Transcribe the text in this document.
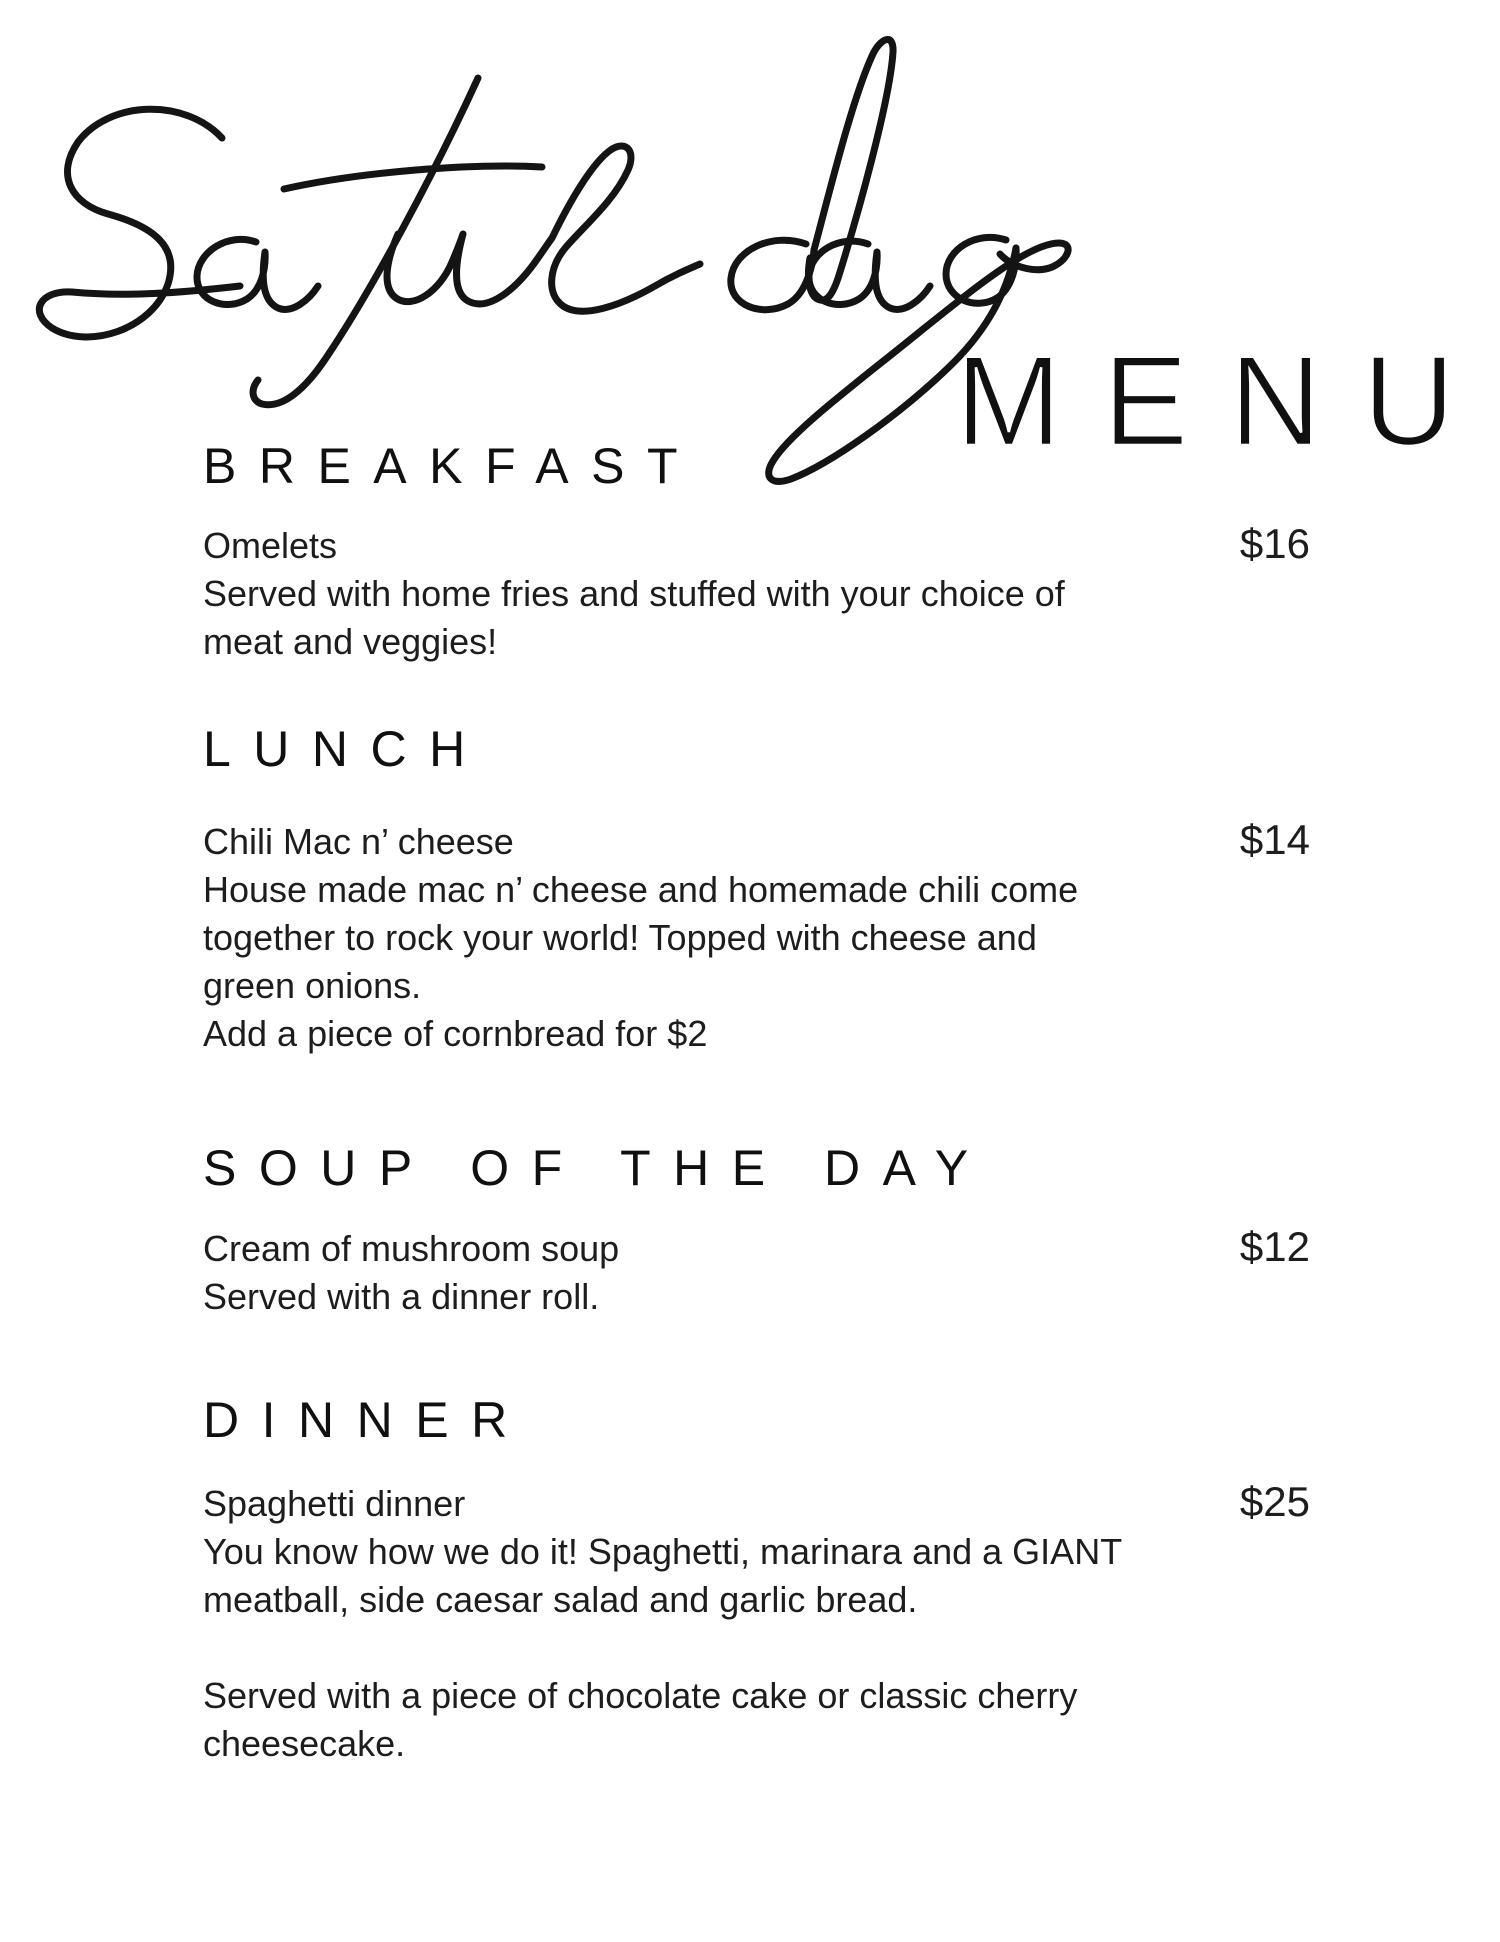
MENU
BREAKFAST
Omelets	$16
Served with home fries and stuffed with your choice of
meat and veggies!
LUNCH
Chili Mac n’ cheese	$14
House made mac n’ cheese and homemade chili come
together to rock your world! Topped with cheese and
green onions.
Add a piece of cornbread for $2
SOUP OF THE DAY
Cream of mushroom soup	$12
Served with a dinner roll.
DINNER
Spaghetti dinner	$25
You know how we do it! Spaghetti, marinara and a GIANT
meatball, side caesar salad and garlic bread.

Served with a piece of chocolate cake or classic cherry
cheesecake.
